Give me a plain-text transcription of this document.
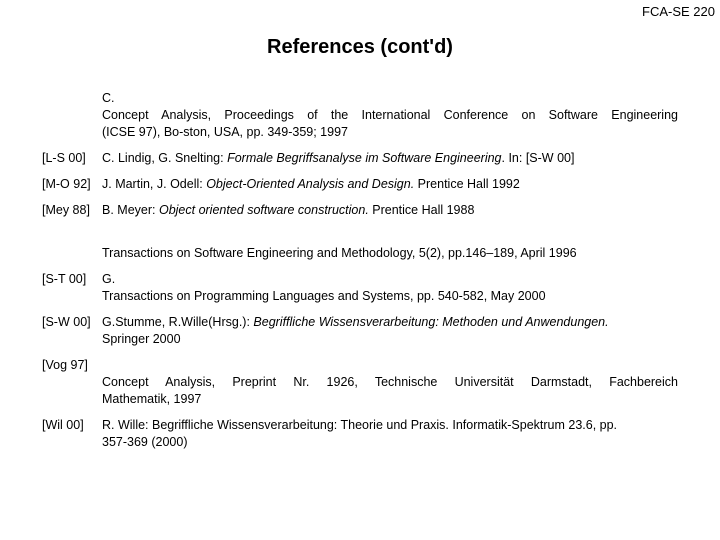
FCA-SE 220
References (cont'd)
C.
Concept Analysis, Proceedings of the International Conference on Software Engineering
(ICSE 97), Bo-ston, USA, pp. 349-359; 1997
[L-S 00]	C. Lindig, G. Snelting: Formale Begriffsanalyse im Software Engineering. In: [S-W 00]
[M-O 92] J. Martin, J. Odell: Object-Oriented Analysis and Design. Prentice Hall 1992
[Mey 88] B. Meyer: Object oriented software construction. Prentice Hall 1988

Transactions on Software Engineering and Methodology, 5(2), pp.146–189, April 1996
[S-T 00]	G.
Transactions on Programming Languages and Systems, pp. 540-582, May 2000
[S-W 00] G.Stumme, R.Wille(Hrsg.): Begriffliche Wissensverarbeitung: Methoden und Anwendungen.
Springer 2000
[Vog 97]

Concept Analysis, Preprint Nr. 1926, Technische Universität Darmstadt, Fachbereich
Mathematik, 1997
[Wil 00]	R. Wille: Begriffliche Wissensverarbeitung: Theorie und Praxis. Informatik-Spektrum 23.6, pp.
357-369 (2000)
